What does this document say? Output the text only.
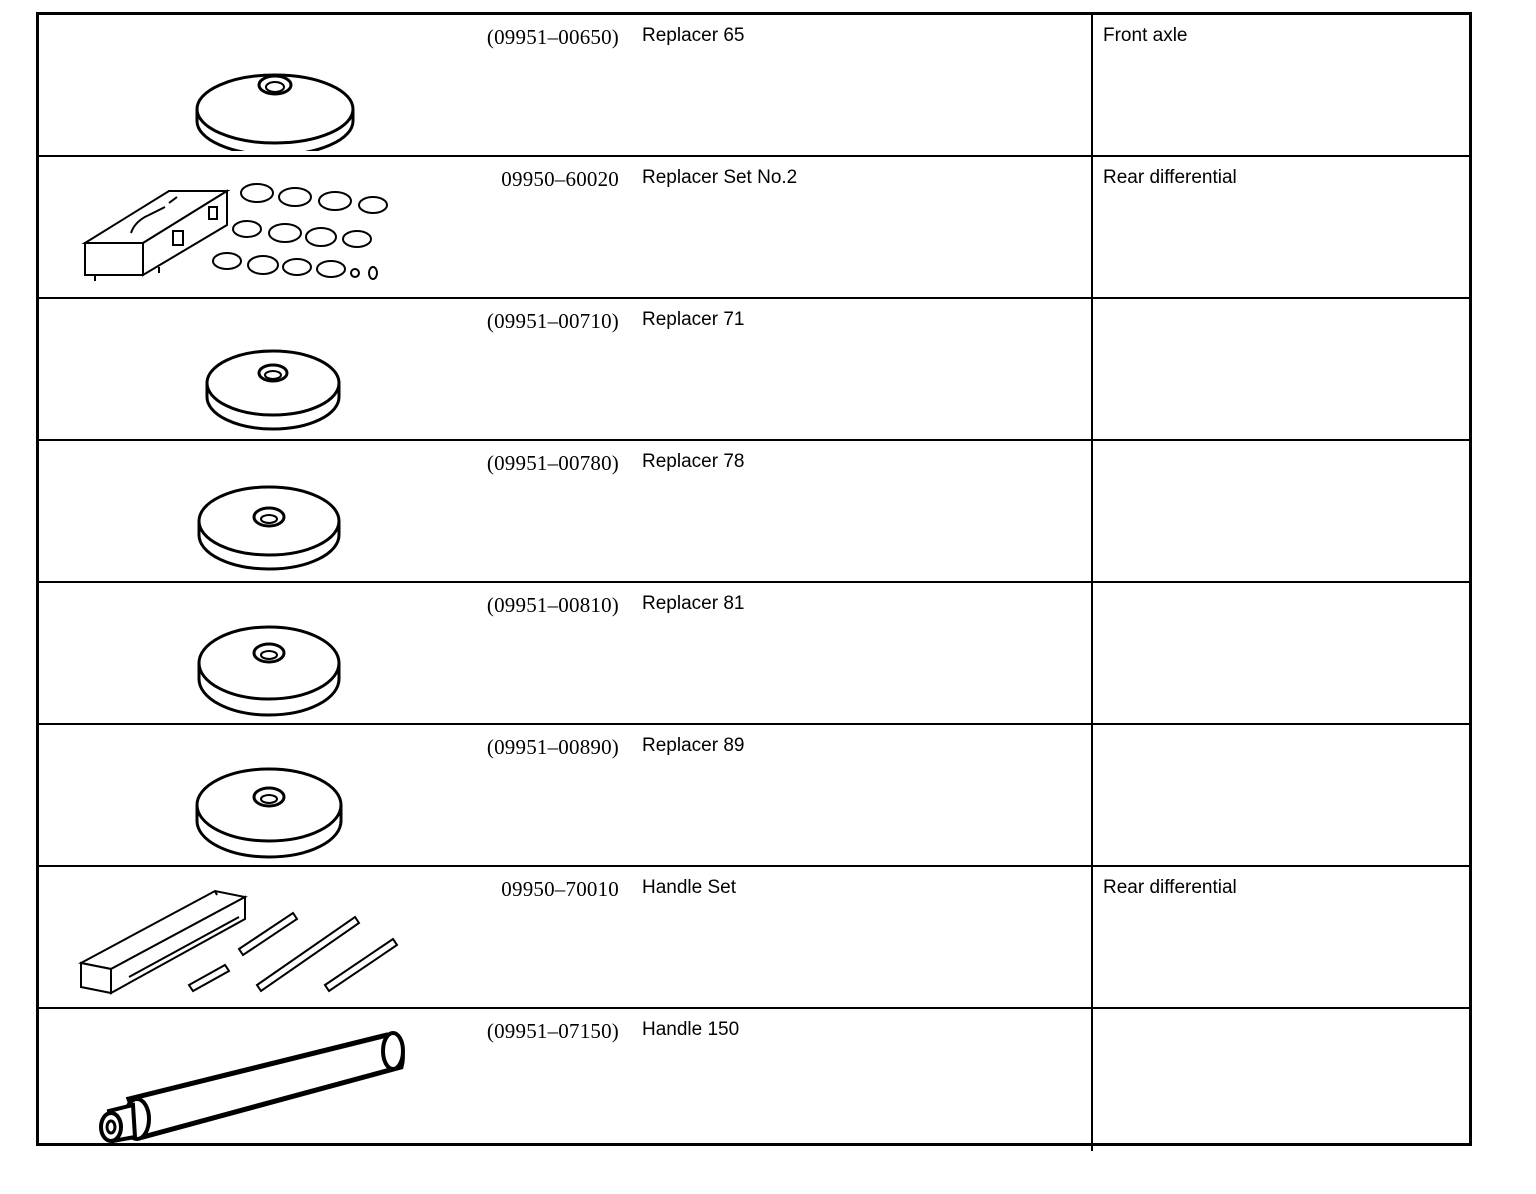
(09951–00650) Replacer 65	Front axle
09950–60020 Replacer Set No.2	Rear differential
(09951–00710) Replacer 71
(09951–00780) Replacer 78
(09951–00810) Replacer 81
(09951–00890) Replacer 89
09950–70010 Handle Set	Rear differential
(09951–07150) Handle 150
